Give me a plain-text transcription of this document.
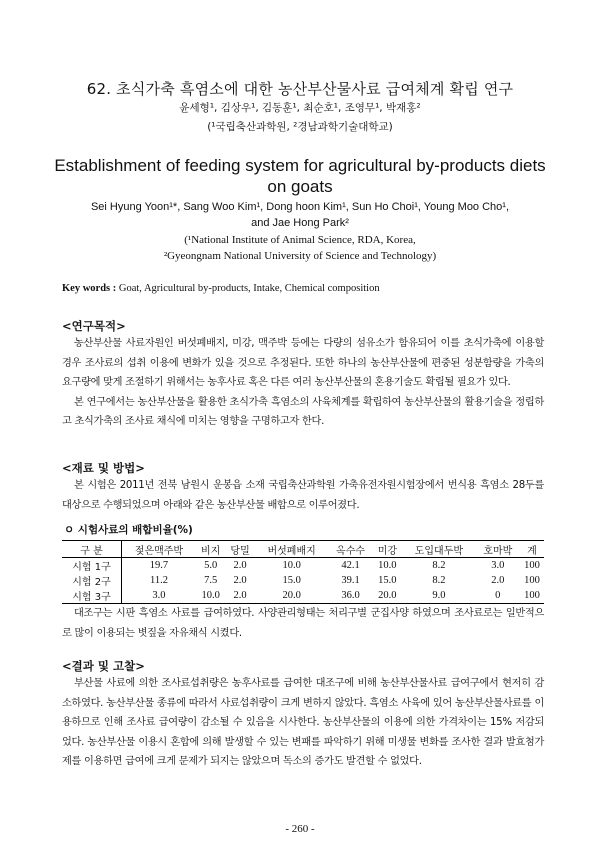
62. 초식가축 흑염소에 대한 농산부산물사료 급여체계 확립 연구
윤세형¹, 김상우¹, 김동훈¹, 최순호¹, 조영무¹, 박재홍²
(¹국립축산과학원, ²경남과학기술대학교)
Establishment of feeding system for agricultural by-products diets
on goats
Sei Hyung Yoon¹*, Sang Woo Kim¹, Dong hoon Kim¹, Sun Ho Choi¹, Young Moo Cho¹,
and Jae Hong Park²
(¹National Institute of Animal Science, RDA, Korea,
²Gyeongnam National University of Science and Technology)
Key words : Goat, Agricultural by-products, Intake, Chemical composition
<연구목적>

농산부산물 사료자원인 버섯폐배지, 미강, 맥주박 등에는 다량의 섬유소가 함유되어 이를 초식가축에 이용할 경우 조사료의 섭취 이용에 변화가 있을 것으로 추정된다. 또한 하나의 농산부산물에 편중된 성분함량을 가축의 요구량에 맞게 조절하기 위해서는 농후사료 혹은 다른 여러 농산부산물의 혼용기술도 확립될 필요가 있다.

본 연구에서는 농산부산물을 활용한 초식가축 흑염소의 사육체계를 확립하여 농산부산물의 활용기술을 정립하고 초식가축의 조사료 채식에 미치는 영향을 구명하고자 한다.

<재료 및 방법>

본 시험은 2011년 전북 남원시 운봉읍 소재 국립축산과학원 가축유전자원시험장에서 번식용 흑염소 28두를 대상으로 수행되었으며 아래와 같은 농산부산물 배합으로 이루어졌다.

ㅇ 시험사료의 배합비율(%)
구 분	젖은맥주박	비지	당밀	버섯폐배지	옥수수	미강	도입대두박	호마박	계
시험 1구	19.7	5.0	2.0	10.0	42.1	10.0	8.2	3.0	100
시험 2구	11.2	7.5	2.0	15.0	39.1	15.0	8.2	2.0	100
시험 3구	3.0	10.0	2.0	20.0	36.0	20.0	9.0	0	100

대조구는 시판 흑염소 사료를 급여하였다. 사양관리형태는 처리구별 군집사양 하였으며 조사료로는 일반적으로 많이 이용되는 볏짚을 자유채식 시켰다.

<결과 및 고찰>

부산물 사료에 의한 조사료섭취량은 농후사료를 급여한 대조구에 비해 농산부산물사료 급여구에서 현저히 감소하였다. 농산부산물 종류에 따라서 사료섭취량이 크게 변하지 않았다. 흑염소 사육에 있어 농산부산물사료를 이용하므로 인해 조사료 급여량이 감소될 수 있음을 시사한다. 농산부산물의 이용에 의한 가격차이는 15% 저감되었다. 농산부산물 이용시 혼합에 의해 발생할 수 있는 변패를 파악하기 위해 미생물 변화를 조사한 결과 발효첨가제를 이용하면 급여에 크게 문제가 되지는 않았으며 독소의 증가도 발견할 수 없었다.

- 260 -
